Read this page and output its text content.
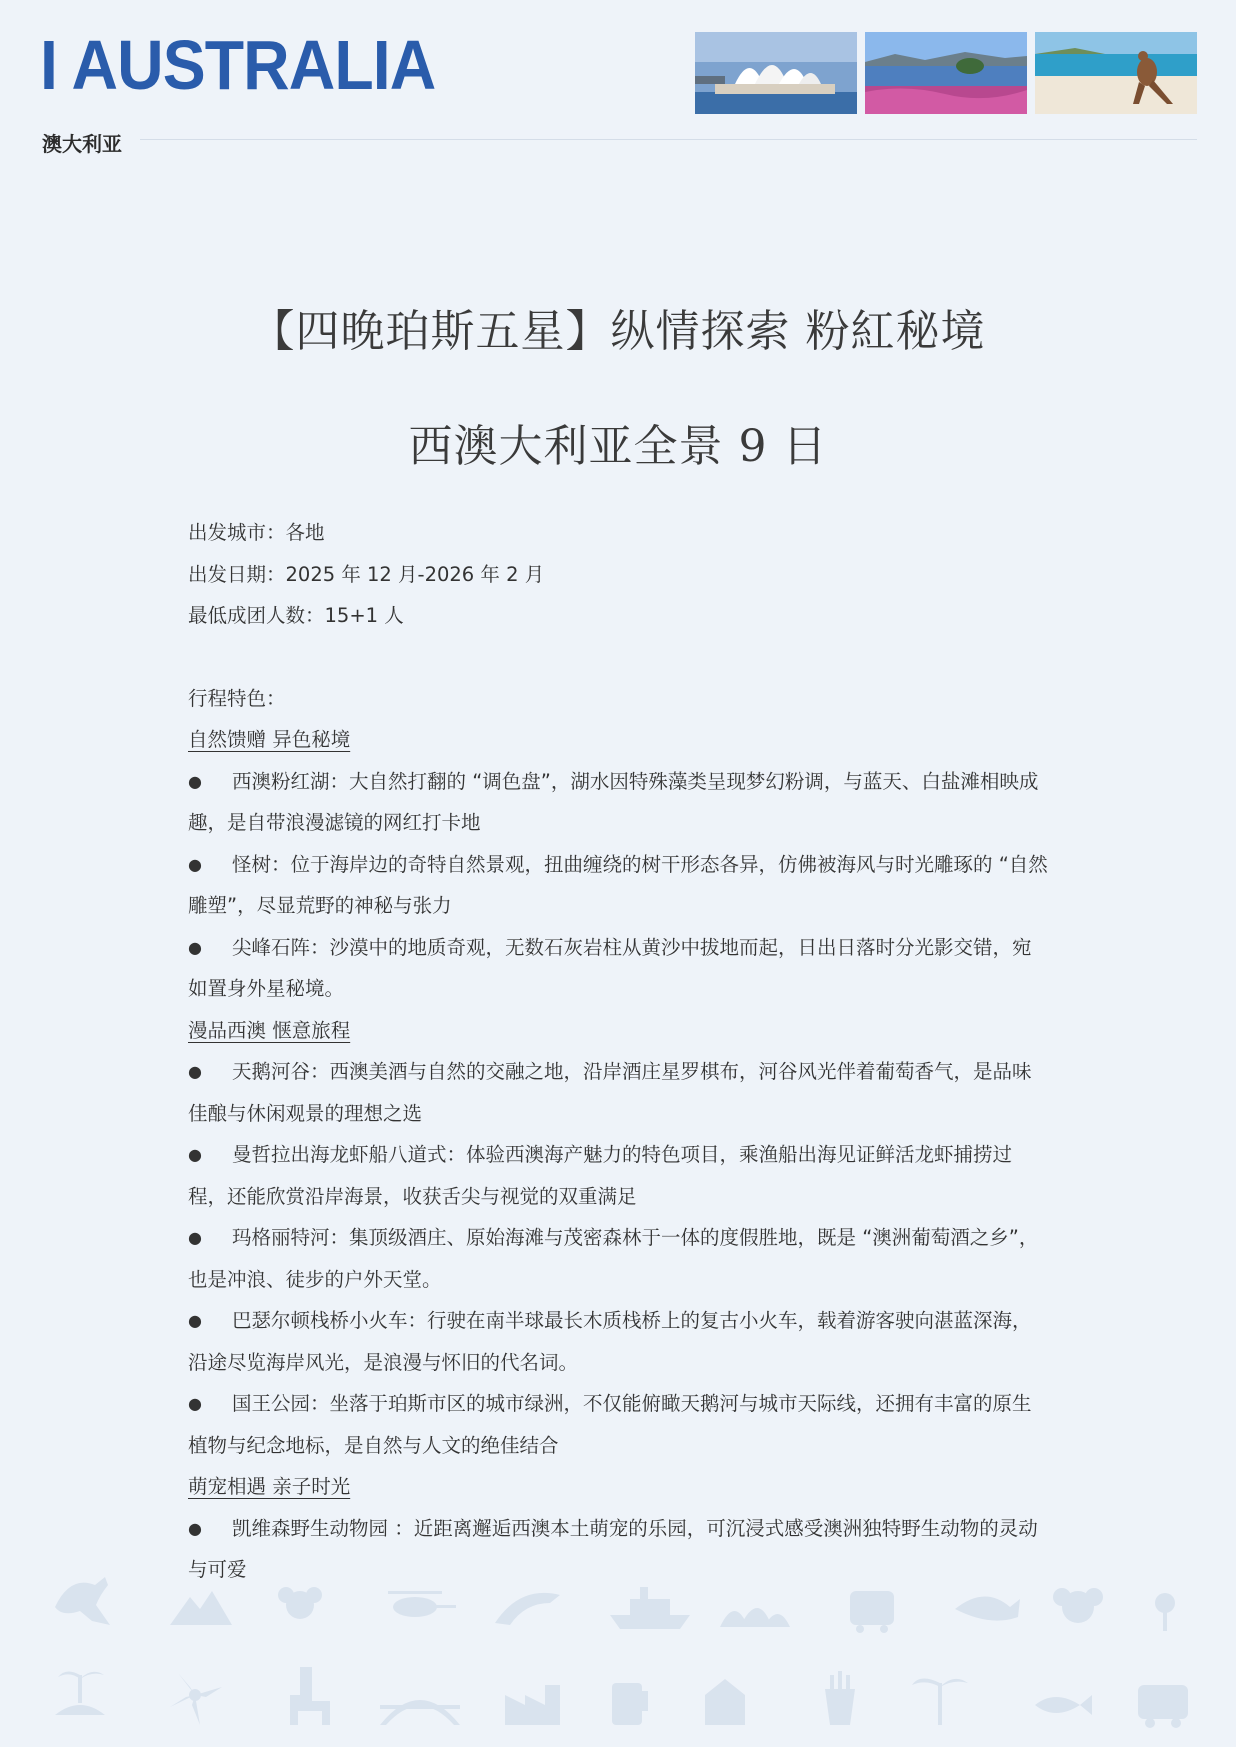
I AUSTRALIA
澳大利亚
【四晚珀斯五星】纵情探索 粉紅秘境
西澳大利亚全景 9 日
出发城市：各地
出发日期：2025 年 12 月-2026 年 2 月
最低成团人数：15+1 人
行程特色：
自然馈赠 异色秘境
● 西澳粉红湖：大自然打翻的 “调色盘”，湖水因特殊藻类呈现梦幻粉调，与蓝天、白盐滩相映成趣，是自带浪漫滤镜的网红打卡地
● 怪树：位于海岸边的奇特自然景观，扭曲缠绕的树干形态各异，仿佛被海风与时光雕琢的 “自然雕塑”，尽显荒野的神秘与张力
● 尖峰石阵：沙漠中的地质奇观，无数石灰岩柱从黄沙中拔地而起，日出日落时分光影交错，宛如置身外星秘境。
漫品西澳 惬意旅程
● 天鹅河谷：西澳美酒与自然的交融之地，沿岸酒庄星罗棋布，河谷风光伴着葡萄香气，是品味佳酿与休闲观景的理想之选
● 曼哲拉出海龙虾船八道式：体验西澳海产魅力的特色项目，乘渔船出海见证鲜活龙虾捕捞过程，还能欣赏沿岸海景，收获舌尖与视觉的双重满足
● 玛格丽特河：集顶级酒庄、原始海滩与茂密森林于一体的度假胜地，既是 “澳洲葡萄酒之乡”，也是冲浪、徒步的户外天堂。
● 巴瑟尔顿栈桥小火车：行驶在南半球最长木质栈桥上的复古小火车，载着游客驶向湛蓝深海，沿途尽览海岸风光，是浪漫与怀旧的代名词。
● 国王公园：坐落于珀斯市区的城市绿洲，不仅能俯瞰天鹅河与城市天际线，还拥有丰富的原生植物与纪念地标，是自然与人文的绝佳结合
萌宠相遇 亲子时光
● 凯维森野生动物园 ：近距离邂逅西澳本土萌宠的乐园，可沉浸式感受澳洲独特野生动物的灵动与可爱
